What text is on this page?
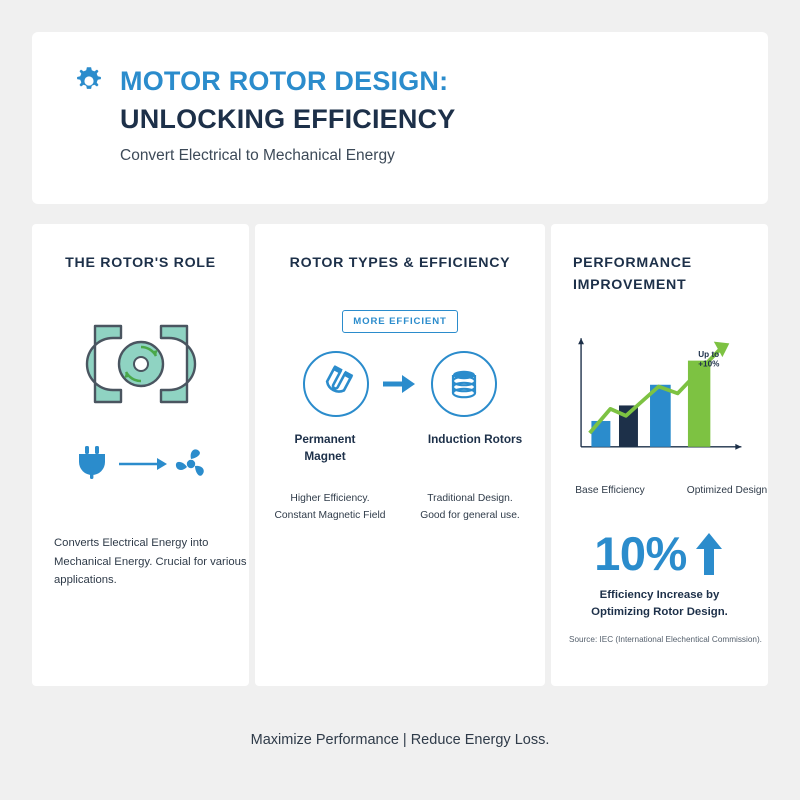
MOTOR ROTOR DESIGN:
UNLOCKING EFFICIENCY
Convert Electrical to Mechanical Energy
THE ROTOR'S ROLE
Converts Electrical Energy into Mechanical Energy. Crucial for various applications.
ROTOR TYPES & EFFICIENCY
MORE EFFICIENT
Permanent Magnet
Induction Rotors
Higher Efficiency. Constant Magnetic Field
Traditional Design. Good for general use.
PERFORMANCE IMPROVEMENT
Up to
+10%
Base Efficiency	Optimized Design
10%
Efficiency Increase by Optimizing Rotor Design.
Source: IEC (International Elechentical Commission).
Maximize Performance | Reduce Energy Loss.
